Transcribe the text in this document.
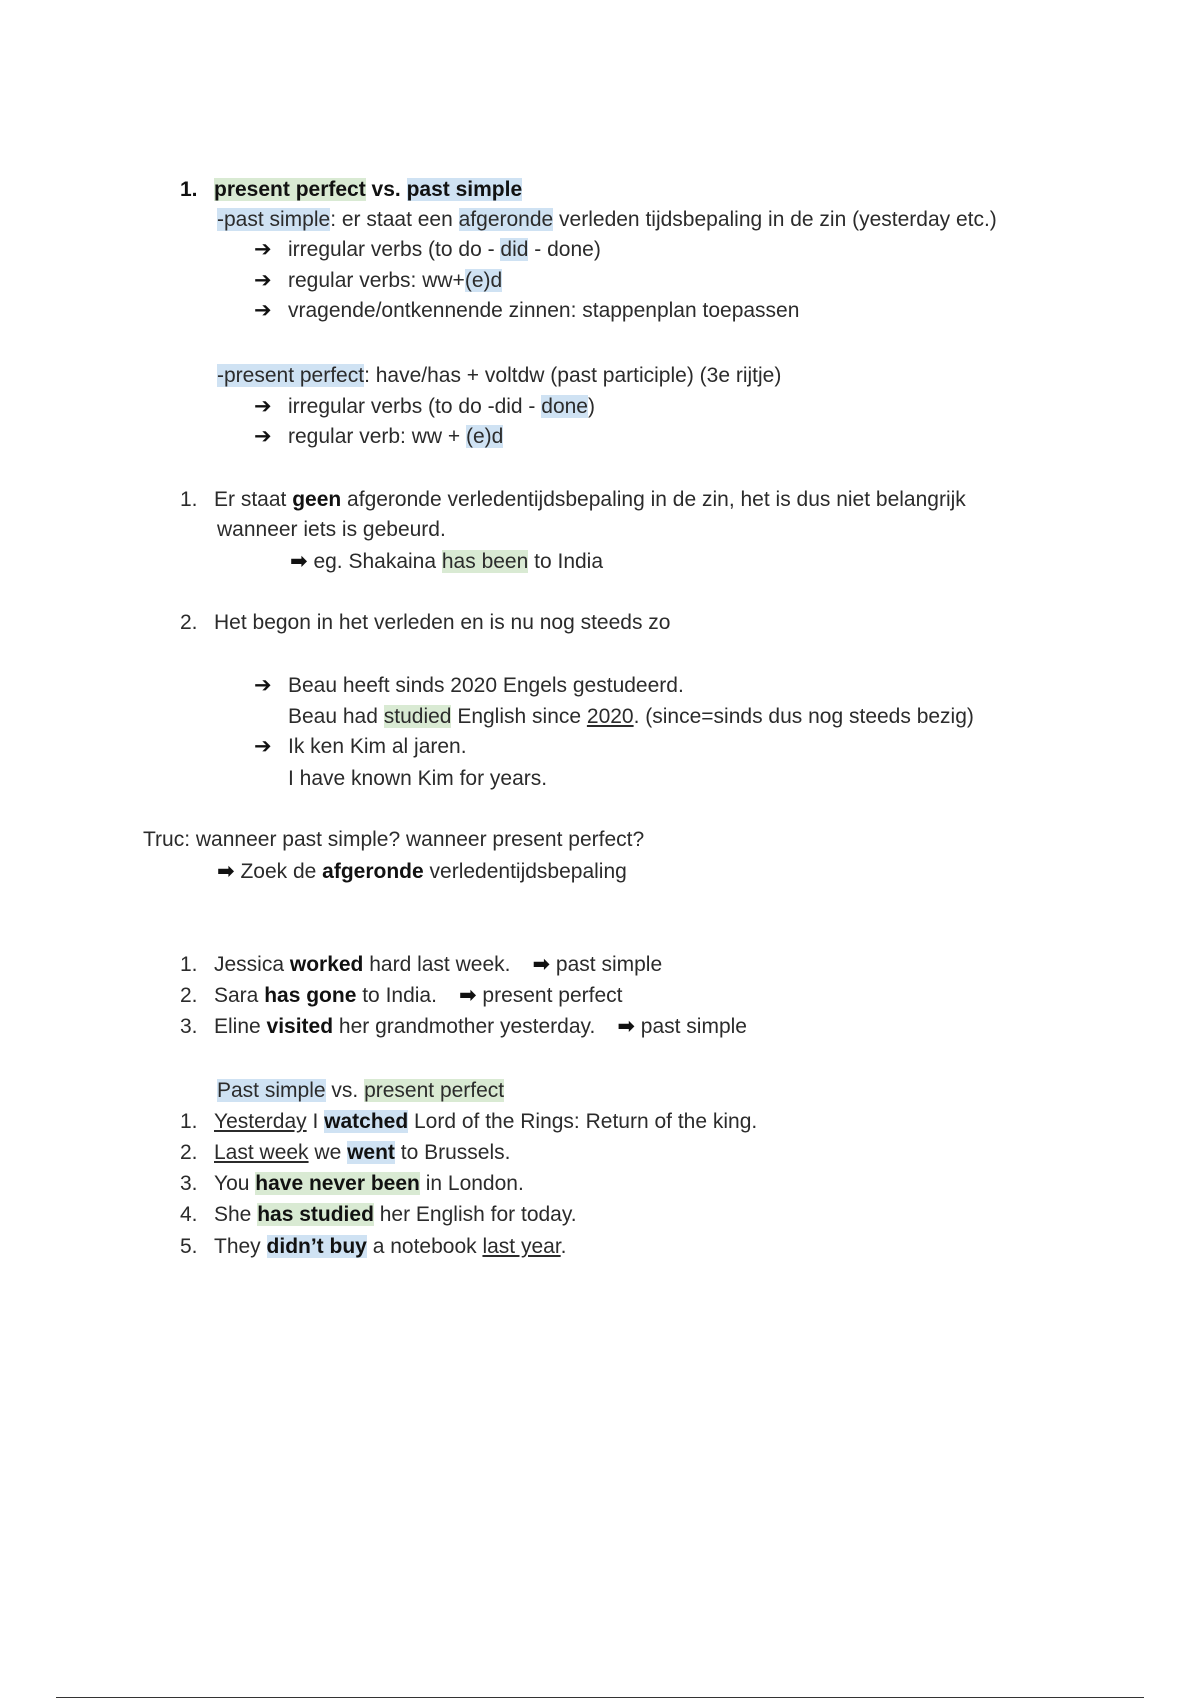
1. present perfect vs. past simple
-past simple: er staat een afgeronde verleden tijdsbepaling in de zin (yesterday etc.)
➔ irregular verbs (to do - did - done)
➔ regular verbs: ww+(e)d
➔ vragende/ontkennende zinnen: stappenplan toepassen
-present perfect: have/has + voltdw (past participle) (3e rijtje)
➔ irregular verbs (to do -did - done)
➔ regular verb: ww + (e)d
1. Er staat geen afgeronde verledentijdsbepaling in de zin, het is dus niet belangrijk
wanneer iets is gebeurd.
➡ eg. Shakaina has been to India
2. Het begon in het verleden en is nu nog steeds zo
➔ Beau heeft sinds 2020 Engels gestudeerd.
Beau had studied English since 2020. (since=sinds dus nog steeds bezig)
➔ Ik ken Kim al jaren.
I have known Kim for years.
Truc: wanneer past simple? wanneer present perfect?
➡ Zoek de afgeronde verledentijdsbepaling
1. Jessica worked hard last week. ➡ past simple
2. Sara has gone to India. ➡ present perfect
3. Eline visited her grandmother yesterday. ➡ past simple
Past simple vs. present perfect
1. Yesterday I watched Lord of the Rings: Return of the king.
2. Last week we went to Brussels.
3. You have never been in London.
4. She has studied her English for today.
5. They didn’t buy a notebook last year.
